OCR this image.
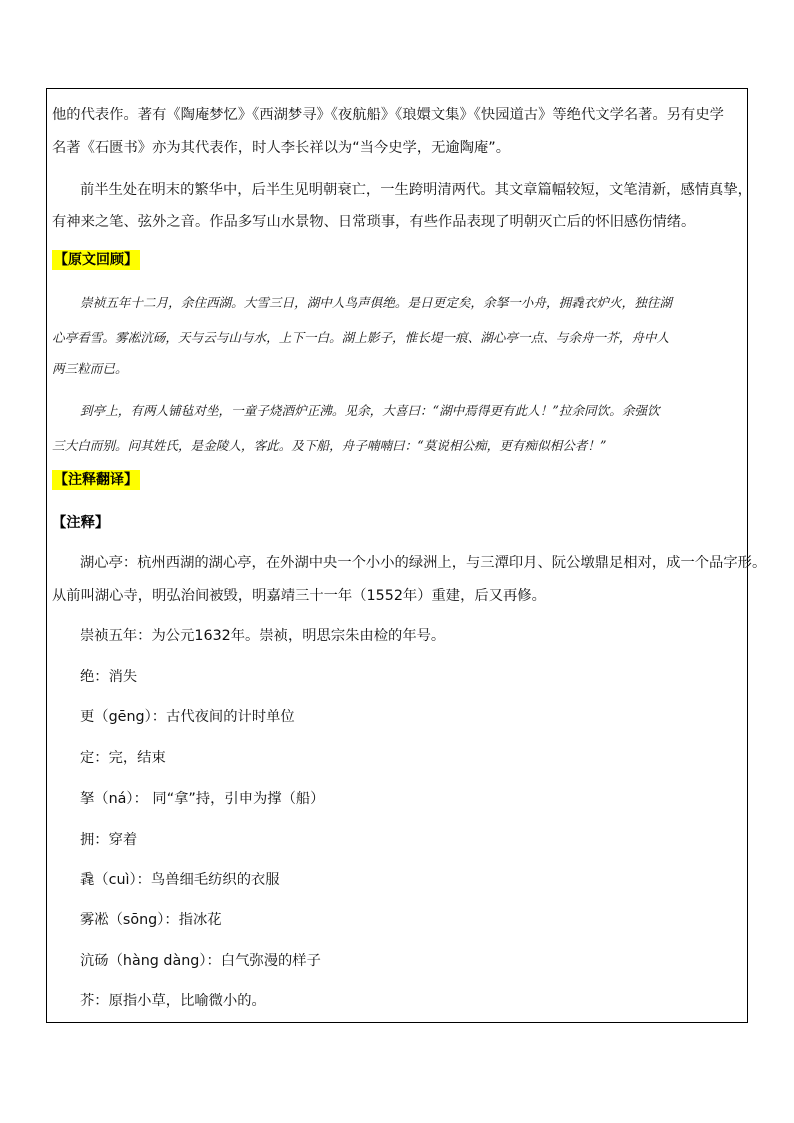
他的代表作。著有《陶庵梦忆》《西湖梦寻》《夜航船》《琅嬛文集》《快园道古》等绝代文学名著。另有史学
名著《石匮书》亦为其代表作，时人李长祥以为“当今史学，无逾陶庵”。
前半生处在明末的繁华中，后半生见明朝衰亡，一生跨明清两代。其文章篇幅较短，文笔清新，感情真挚，
有神来之笔、弦外之音。作品多写山水景物、日常琐事，有些作品表现了明朝灭亡后的怀旧感伤情绪。
【原文回顾】
崇祯五年十二月，余住西湖。大雪三日，湖中人鸟声俱绝。是日更定矣，余拏一小舟，拥毳衣炉火，独往湖
心亭看雪。雾凇沆砀，天与云与山与水，上下一白。湖上影子，惟长堤一痕、湖心亭一点、与余舟一芥，舟中人
两三粒而已。
到亭上，有两人铺毡对坐，一童子烧酒炉正沸。见余，大喜曰：“湖中焉得更有此人！”拉余同饮。余强饮
三大白而别。问其姓氏，是金陵人，客此。及下船，舟子喃喃曰：“莫说相公痴，更有痴似相公者！”
【注释翻译】
【注释】
湖心亭：杭州西湖的湖心亭，在外湖中央一个小小的绿洲上，与三潭印月、阮公墩鼎足相对，成一个品字形。
从前叫湖心寺，明弘治间被毁，明嘉靖三十一年（1552年）重建，后又再修。
崇祯五年：为公元1632年。崇祯，明思宗朱由检的年号。
绝：消失
更（gēng）：古代夜间的计时单位
定：完，结束
拏（ná）： 同“拿”持，引申为撑（船）
拥：穿着
毳（cuì）：鸟兽细毛纺织的衣服
雾凇（sōng）：指冰花
沆砀（hàng dàng）：白气弥漫的样子
芥：原指小草，比喻微小的。
